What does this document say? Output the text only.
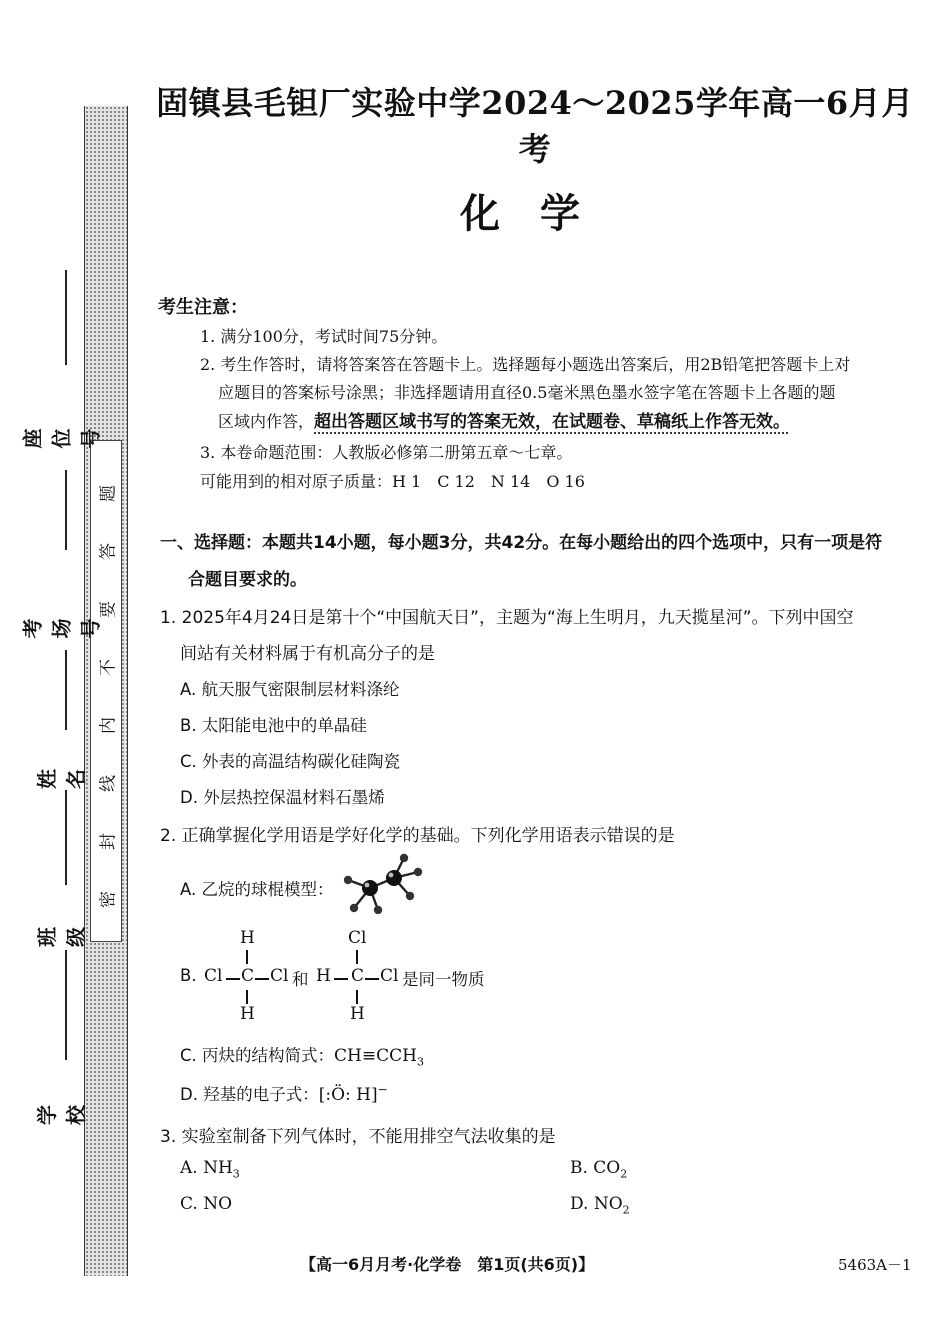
题
答
要
不
内
线
封
密
座位号
考场号
姓名
班级
学校
固镇县毛钽厂实验中学2024～2025学年高一6月月考
化学
考生注意：
1. 满分100分，考试时间75分钟。
2. 考生作答时，请将答案答在答题卡上。选择题每小题选出答案后，用2B铅笔把答题卡上对
应题目的答案标号涂黑；非选择题请用直径0.5毫米黑色墨水签字笔在答题卡上各题的题
区域内作答，超出答题区域书写的答案无效，在试题卷、草稿纸上作答无效。
3. 本卷命题范围：人教版必修第二册第五章～七章。
可能用到的相对原子质量：H 1　C 12　N 14　O 16
一、选择题：本题共14小题，每小题3分，共42分。在每小题给出的四个选项中，只有一项是符
合题目要求的。
1. 2025年4月24日是第十个“中国航天日”，主题为“海上生明月，九天揽星河”。下列中国空
间站有关材料属于有机高分子的是
A. 航天服气密限制层材料涤纶
B. 太阳能电池中的单晶硅
C. 外表的高温结构碳化硅陶瓷
D. 外层热控保温材料石墨烯
2. 正确掌握化学用语是学好化学的基础。下列化学用语表示错误的是
A. 乙烷的球棍模型：
B.
H
Cl C Cl
H
和
Cl
H C Cl
H
是同一物质
C. 丙炔的结构简式：$CH\equiv CCH_3$
D. 羟基的电子式：[:Ö: H]−
3. 实验室制备下列气体时，不能用排空气法收集的是
A. $NH_3$	B. $CO_2$
C. NO	D. $NO_2$
【高一6月月考·化学卷　第1页(共6页)】	5463A－1
